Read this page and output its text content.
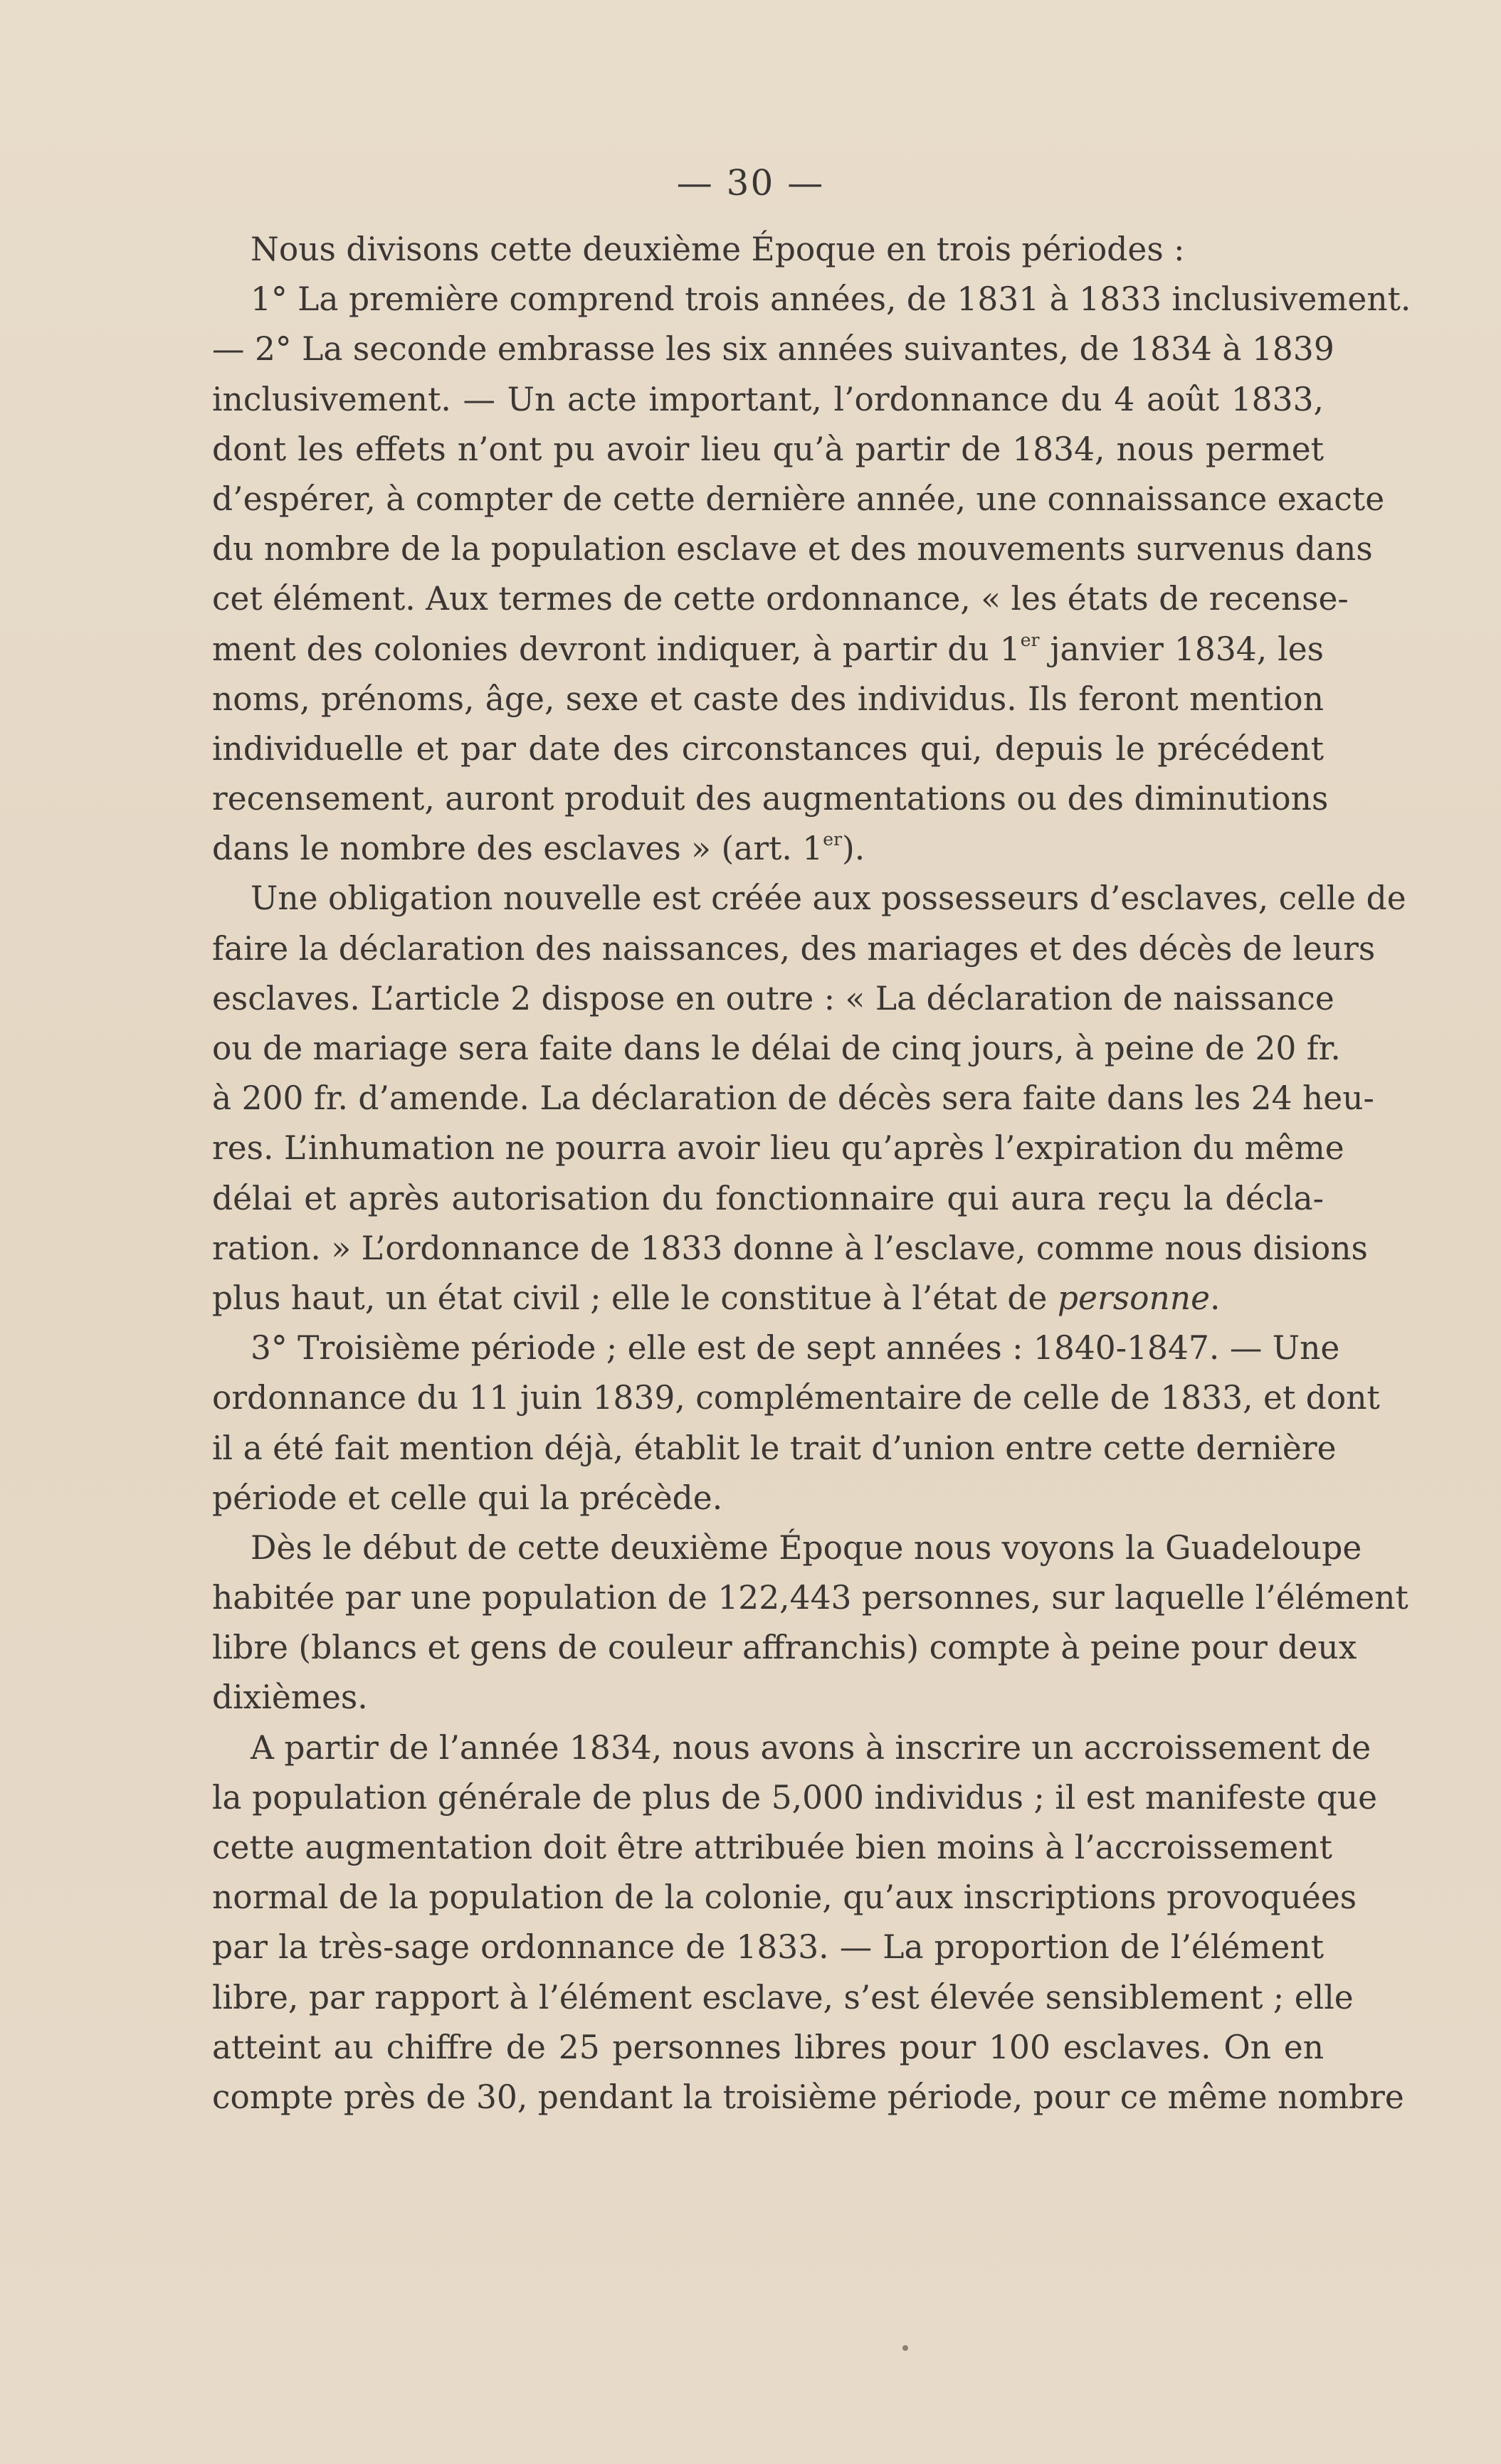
— 30 —
Nous divisons cette deuxième Époque en trois périodes :
1° La première comprend trois années, de 1831 à 1833 inclusivement.
— 2° La seconde embrasse les six années suivantes, de 1834 à 1839
inclusivement. — Un acte important, l’ordonnance du 4 août 1833,
dont les effets n’ont pu avoir lieu qu’à partir de 1834, nous permet
d’espérer, à compter de cette dernière année, une connaissance exacte
du nombre de la population esclave et des mouvements survenus dans
cet élément. Aux termes de cette ordonnance, « les états de recense-
ment des colonies devront indiquer, à partir du 1er janvier 1834, les
noms, prénoms, âge, sexe et caste des individus. Ils feront mention
individuelle et par date des circonstances qui, depuis le précédent
recensement, auront produit des augmentations ou des diminutions
dans le nombre des esclaves » (art. 1er).
Une obligation nouvelle est créée aux possesseurs d’esclaves, celle de
faire la déclaration des naissances, des mariages et des décès de leurs
esclaves. L’article 2 dispose en outre : « La déclaration de naissance
ou de mariage sera faite dans le délai de cinq jours, à peine de 20 fr.
à 200 fr. d’amende. La déclaration de décès sera faite dans les 24 heu-
res. L’inhumation ne pourra avoir lieu qu’après l’expiration du même
délai et après autorisation du fonctionnaire qui aura reçu la décla-
ration. » L’ordonnance de 1833 donne à l’esclave, comme nous disions
plus haut, un état civil ; elle le constitue à l’état de personne.
3° Troisième période ; elle est de sept années : 1840-1847. — Une
ordonnance du 11 juin 1839, complémentaire de celle de 1833, et dont
il a été fait mention déjà, établit le trait d’union entre cette dernière
période et celle qui la précède.
Dès le début de cette deuxième Époque nous voyons la Guadeloupe
habitée par une population de 122,443 personnes, sur laquelle l’élément
libre (blancs et gens de couleur affranchis) compte à peine pour deux
dixièmes.
A partir de l’année 1834, nous avons à inscrire un accroissement de
la population générale de plus de 5,000 individus ; il est manifeste que
cette augmentation doit être attribuée bien moins à l’accroissement
normal de la population de la colonie, qu’aux inscriptions provoquées
par la très-sage ordonnance de 1833. — La proportion de l’élément
libre, par rapport à l’élément esclave, s’est élevée sensiblement ; elle
atteint au chiffre de 25 personnes libres pour 100 esclaves. On en
compte près de 30, pendant la troisième période, pour ce même nombre
